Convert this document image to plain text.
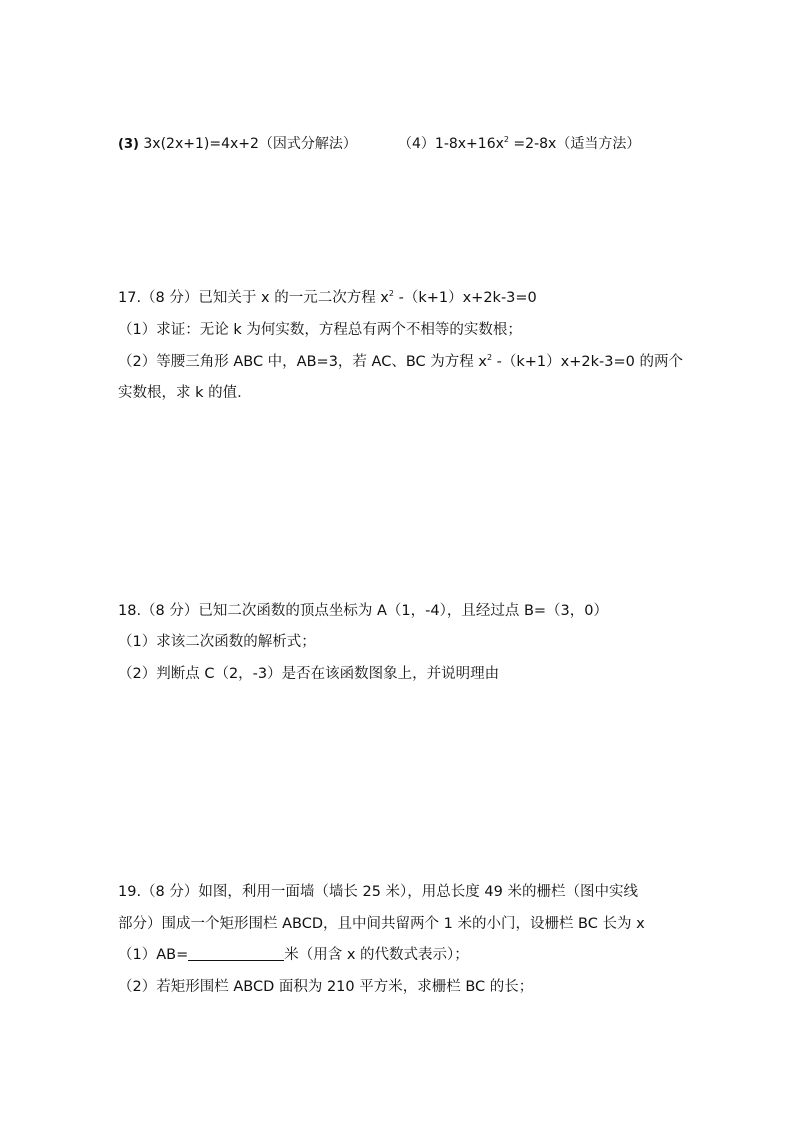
(3) 3x(2x+1)=4x+2（因式分解法）	$(4)1-8x+16x^2 =2-8x$（适当方法）
17.（8 分）已知关于 x 的一元二次方程 $x^2$ -（k+1）x+2k-3=0
（1）求证：无论 k 为何实数，方程总有两个不相等的实数根；
（2）等腰三角形 ABC 中，AB=3，若 AC、BC 为方程 $x^2$ -（k+1）x+2k-3=0 的两个
实数根，求 k 的值.
18.（8 分）已知二次函数的顶点坐标为 A（1，-4），且经过点 B=（3，0）
（1）求该二次函数的解析式；
（2）判断点 C（2，-3）是否在该函数图象上，并说明理由
19.（8 分）如图，利用一面墙（墙长 25 米），用总长度 49 米的栅栏（图中实线
部分）围成一个矩形围栏 ABCD，且中间共留两个 1 米的小门，设栅栏 BC 长为 x
（1）AB=	米（用含 x 的代数式表示）；
（2）若矩形围栏 ABCD 面积为 210 平方米，求栅栏 BC 的长；
